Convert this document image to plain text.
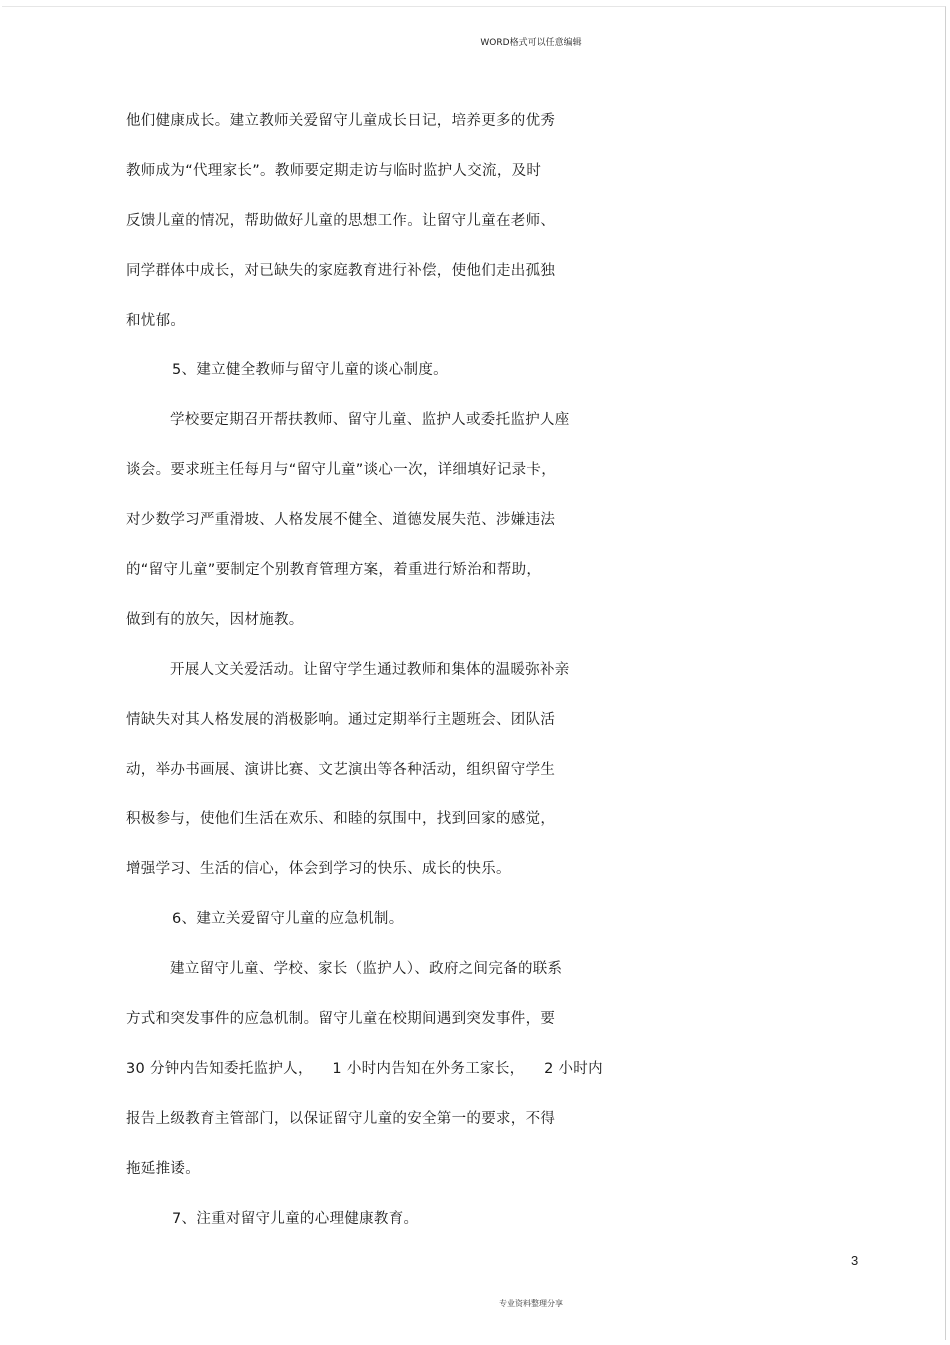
WORD格式可以任意编辑
他们健康成长。建立教师关爱留守儿童成长日记，培养更多的优秀
教师成为“代理家长”。教师要定期走访与临时监护人交流，及时
反馈儿童的情况，帮助做好儿童的思想工作。让留守儿童在老师、
同学群体中成长，对已缺失的家庭教育进行补偿，使他们走出孤独
和忧郁。
5、建立健全教师与留守儿童的谈心制度。
学校要定期召开帮扶教师、留守儿童、监护人或委托监护人座
谈会。要求班主任每月与“留守儿童”谈心一次，详细填好记录卡，
对少数学习严重滑坡、人格发展不健全、道德发展失范、涉嫌违法
的“留守儿童”要制定个别教育管理方案，着重进行矫治和帮助，
做到有的放矢，因材施教。
开展人文关爱活动。让留守学生通过教师和集体的温暖弥补亲
情缺失对其人格发展的消极影响。通过定期举行主题班会、团队活
动，举办书画展、演讲比赛、文艺演出等各种活动，组织留守学生
积极参与，使他们生活在欢乐、和睦的氛围中，找到回家的感觉，
增强学习、生活的信心，体会到学习的快乐、成长的快乐。
6、建立关爱留守儿童的应急机制。
建立留守儿童、学校、家长（监护人）、政府之间完备的联系
方式和突发事件的应急机制。留守儿童在校期间遇到突发事件，要
30 分钟内告知委托监护人，    1 小时内告知在外务工家长，    2 小时内
报告上级教育主管部门，以保证留守儿童的安全第一的要求，不得
拖延推诿。
7、注重对留守儿童的心理健康教育。
3
专业资料整理分享
